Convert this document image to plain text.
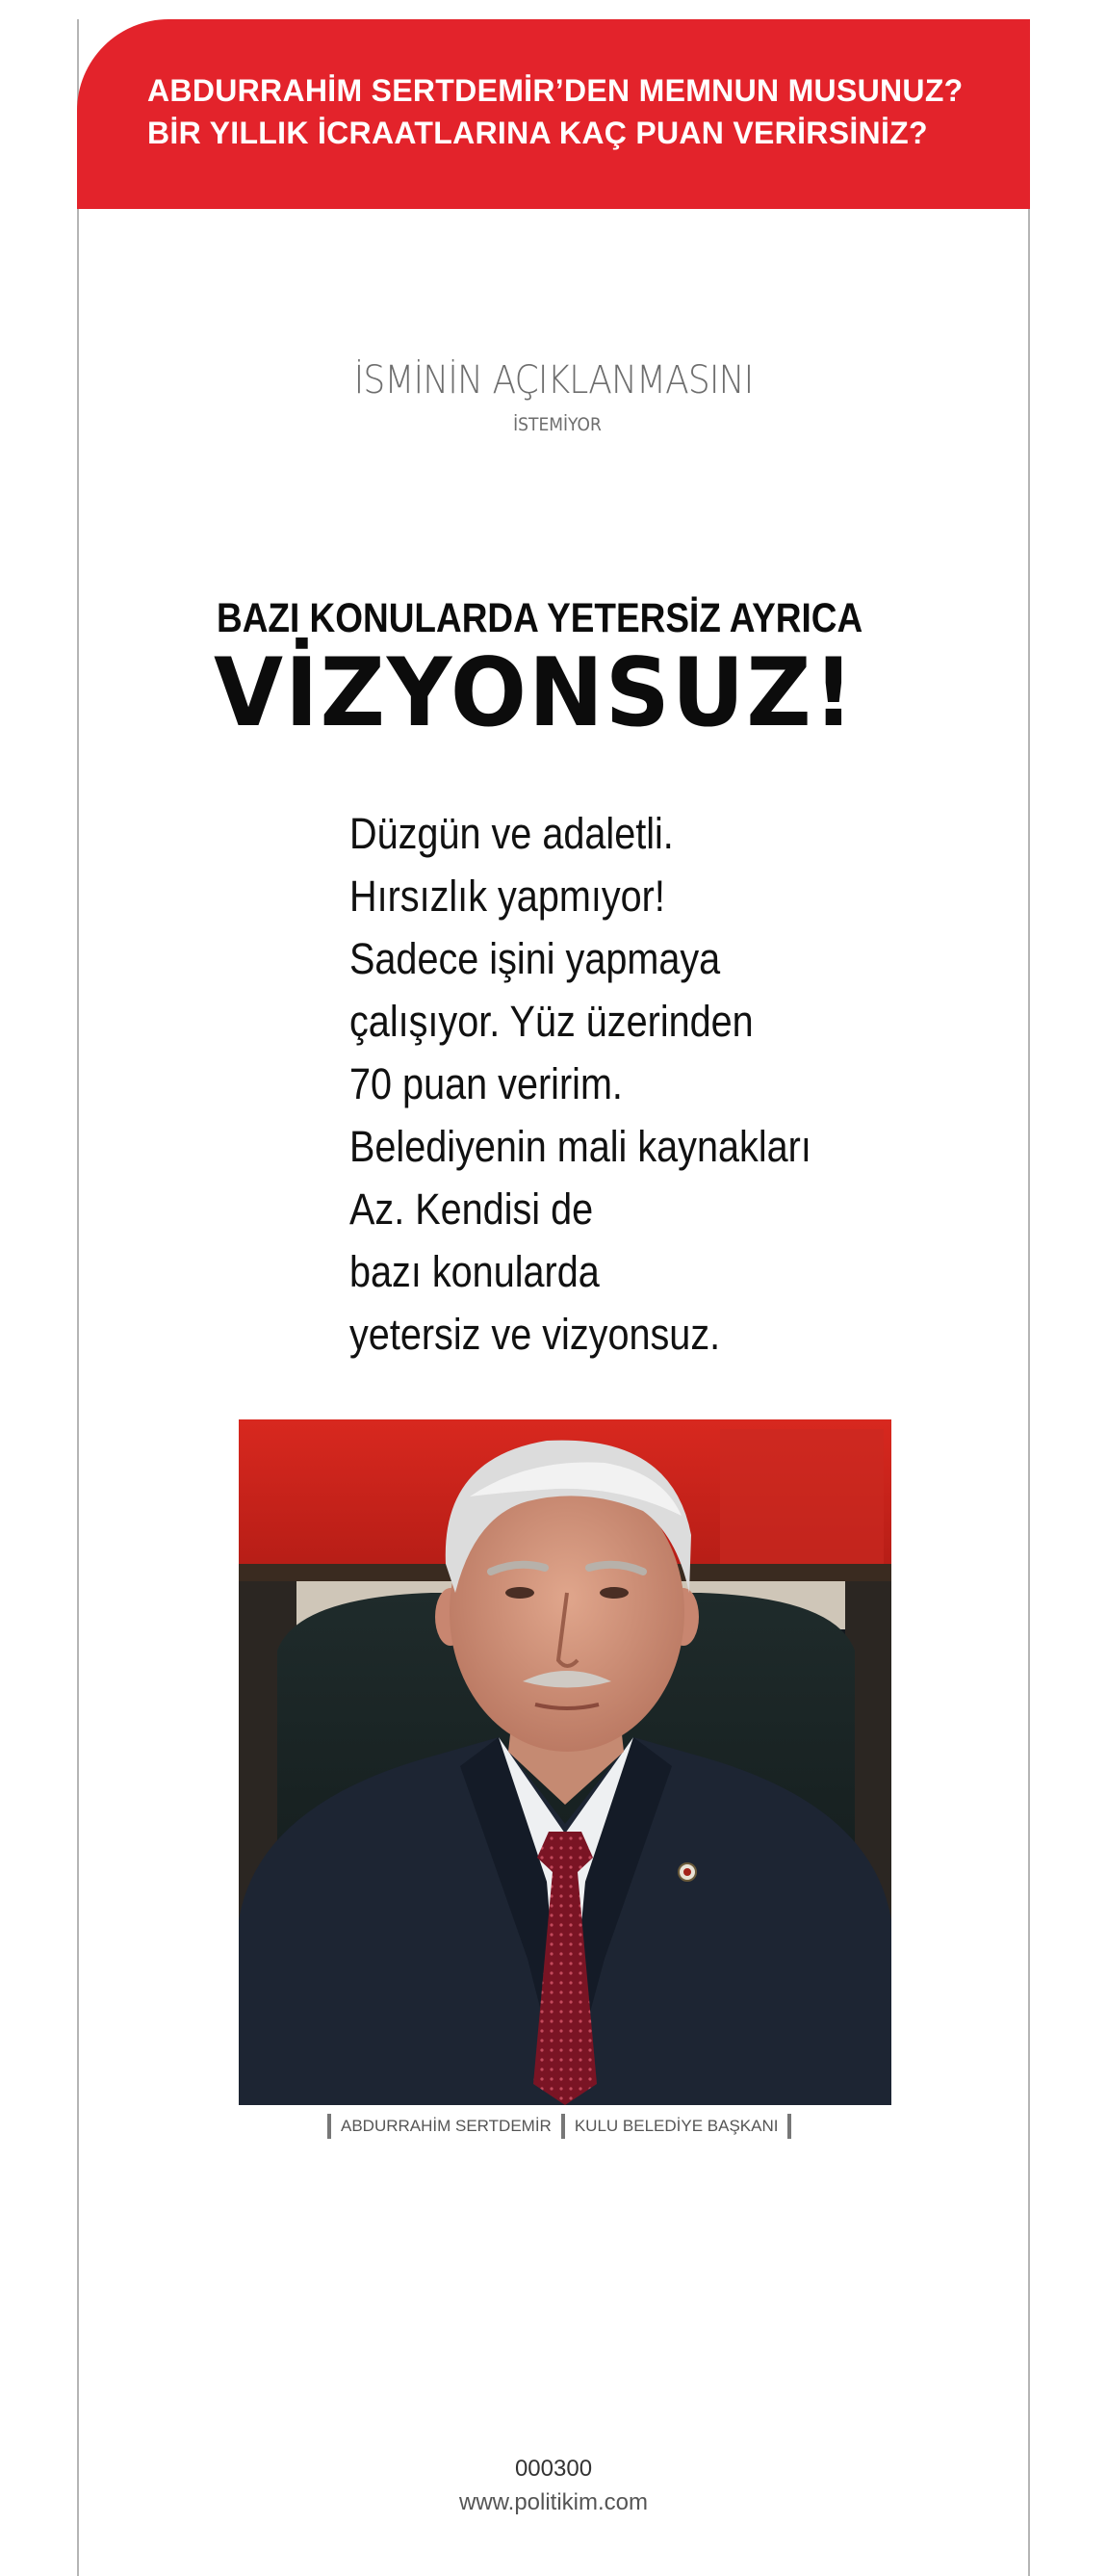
ABDURRAHİM SERTDEMİR’DEN MEMNUN MUSUNUZ?
BİR YILLIK İCRAATLARINA KAÇ PUAN VERİRSİNİZ?
İSMİNİN AÇIKLANMASINI
İSTEMİYOR
BAZI KONULARDA YETERSİZ AYRICA
VİZYONSUZ!
Düzgün ve adaletli.
Hırsızlık yapmıyor!
Sadece işini yapmaya
çalışıyor. Yüz üzerinden
70 puan veririm.
Belediyenin mali kaynakları
Az. Kendisi de
bazı konularda
yetersiz ve vizyonsuz.
ABDURRAHİM SERTDEMİR KULU BELEDİYE BAŞKANI
000300
www.politikim.com
